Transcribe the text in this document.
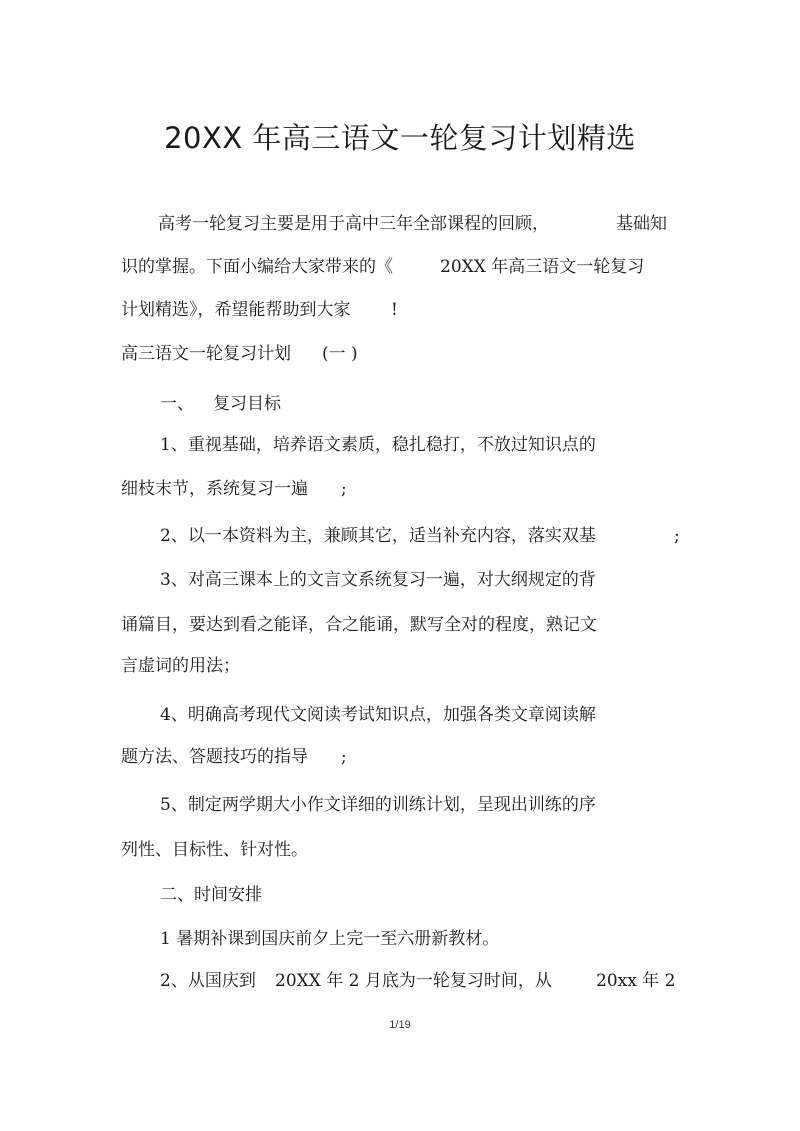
20XX 年高三语文一轮复习计划精选
高考一轮复习主要是用于高中三年全部课程的回顾，	基础知
识的掌握。下面小编给大家带来的《	20XX 年高三语文一轮复习
计划精选》，希望能帮助到大家 !
高三语文一轮复习计划 (一 )
一、 复习目标
1、重视基础，培养语文素质，稳扎稳打，不放过知识点的
细枝末节，系统复习一遍 ;
2、以一本资料为主，兼顾其它，适当补充内容，落实双基	;
3、对高三课本上的文言文系统复习一遍，对大纲规定的背
诵篇目，要达到看之能译，合之能诵，默写全对的程度，熟记文
言虚词的用法；
4、明确高考现代文阅读考试知识点，加强各类文章阅读解
题方法、答题技巧的指导 ;
5、制定两学期大小作文详细的训练计划，呈现出训练的序
列性、目标性、针对性。
二、时间安排
1 暑期补课到国庆前夕上完一至六册新教材。
2、从国庆到 20XX 年 2 月底为一轮复习时间，从	20xx 年 2
1/19
